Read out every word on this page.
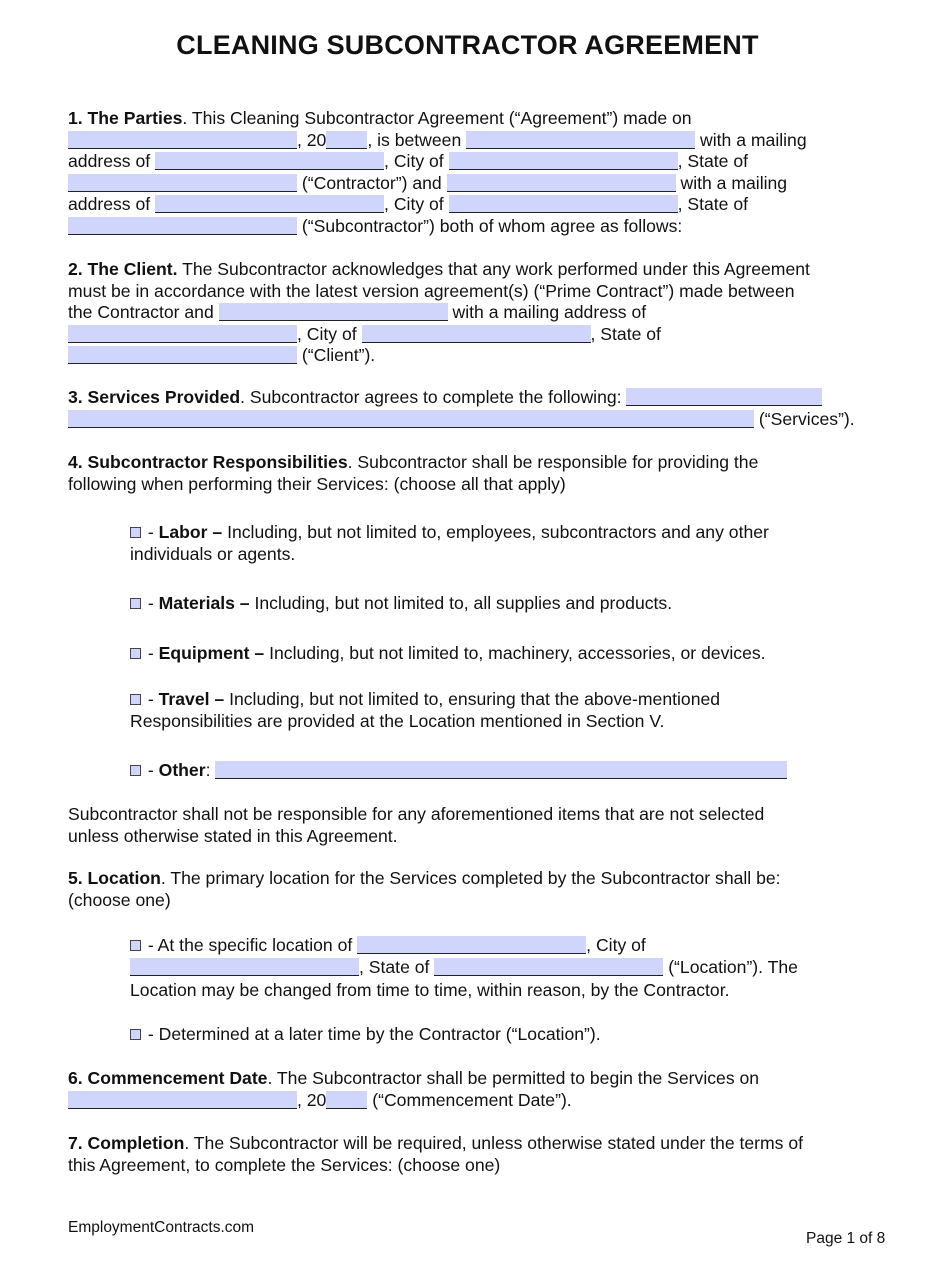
CLEANING SUBCONTRACTOR AGREEMENT
1. The Parties. This Cleaning Subcontractor Agreement (“Agreement”) made on
, 20 , is between	with a mailing
address of	, City of	, State of
(“Contractor”) and	with a mailing
address of	, City of	, State of
(“Subcontractor”) both of whom agree as follows:
2. The Client. The Subcontractor acknowledges that any work performed under this Agreement
must be in accordance with the latest version agreement(s) (“Prime Contract”) made between
the Contractor and	with a mailing address of
, City of	, State of
(“Client”).
3. Services Provided. Subcontractor agrees to complete the following:
(“Services”).
4. Subcontractor Responsibilities. Subcontractor shall be responsible for providing the
following when performing their Services: (choose all that apply)
- Labor – Including, but not limited to, employees, subcontractors and any other
individuals or agents.
- Materials – Including, but not limited to, all supplies and products.
- Equipment – Including, but not limited to, machinery, accessories, or devices.
- Travel – Including, but not limited to, ensuring that the above-mentioned
Responsibilities are provided at the Location mentioned in Section V.
- Other:
Subcontractor shall not be responsible for any aforementioned items that are not selected
unless otherwise stated in this Agreement.
5. Location. The primary location for the Services completed by the Subcontractor shall be:
(choose one)
- At the specific location of	, City of
, State of	(“Location”). The
Location may be changed from time to time, within reason, by the Contractor.
- Determined at a later time by the Contractor (“Location”).
6. Commencement Date. The Subcontractor shall be permitted to begin the Services on
, 20	(“Commencement Date”).
7. Completion. The Subcontractor will be required, unless otherwise stated under the terms of
this Agreement, to complete the Services: (choose one)
EmploymentContracts.com
Page 1 of 8
